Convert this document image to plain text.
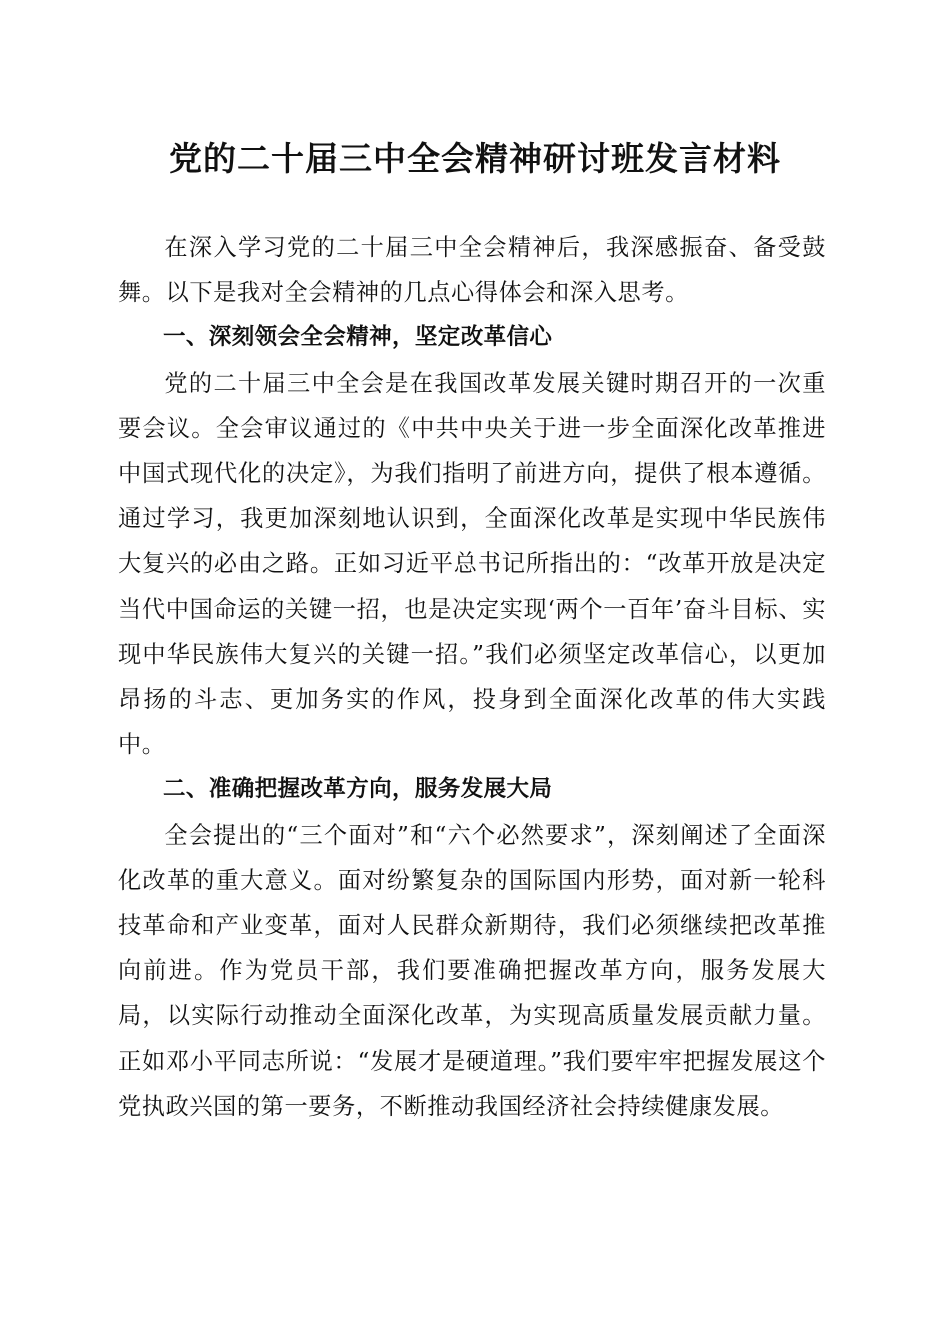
党的二十届三中全会精神研讨班发言材料

在深入学习党的二十届三中全会精神后，我深感振奋、备受鼓舞。以下是我对全会精神的几点心得体会和深入思考。

一、深刻领会全会精神，坚定改革信心

党的二十届三中全会是在我国改革发展关键时期召开的一次重要会议。全会审议通过的《中共中央关于进一步全面深化改革推进中国式现代化的决定》，为我们指明了前进方向，提供了根本遵循。通过学习，我更加深刻地认识到，全面深化改革是实现中华民族伟大复兴的必由之路。正如习近平总书记所指出的：“改革开放是决定当代中国命运的关键一招，也是决定实现‘两个一百年’奋斗目标、实现中华民族伟大复兴的关键一招。”我们必须坚定改革信心，以更加昂扬的斗志、更加务实的作风，投身到全面深化改革的伟大实践中。

二、准确把握改革方向，服务发展大局

全会提出的“三个面对”和“六个必然要求”，深刻阐述了全面深化改革的重大意义。面对纷繁复杂的国际国内形势，面对新一轮科技革命和产业变革，面对人民群众新期待，我们必须继续把改革推向前进。作为党员干部，我们要准确把握改革方向，服务发展大局，以实际行动推动全面深化改革，为实现高质量发展贡献力量。正如邓小平同志所说：“发展才是硬道理。”我们要牢牢把握发展这个党执政兴国的第一要务，不断推动我国经济社会持续健康发展。
